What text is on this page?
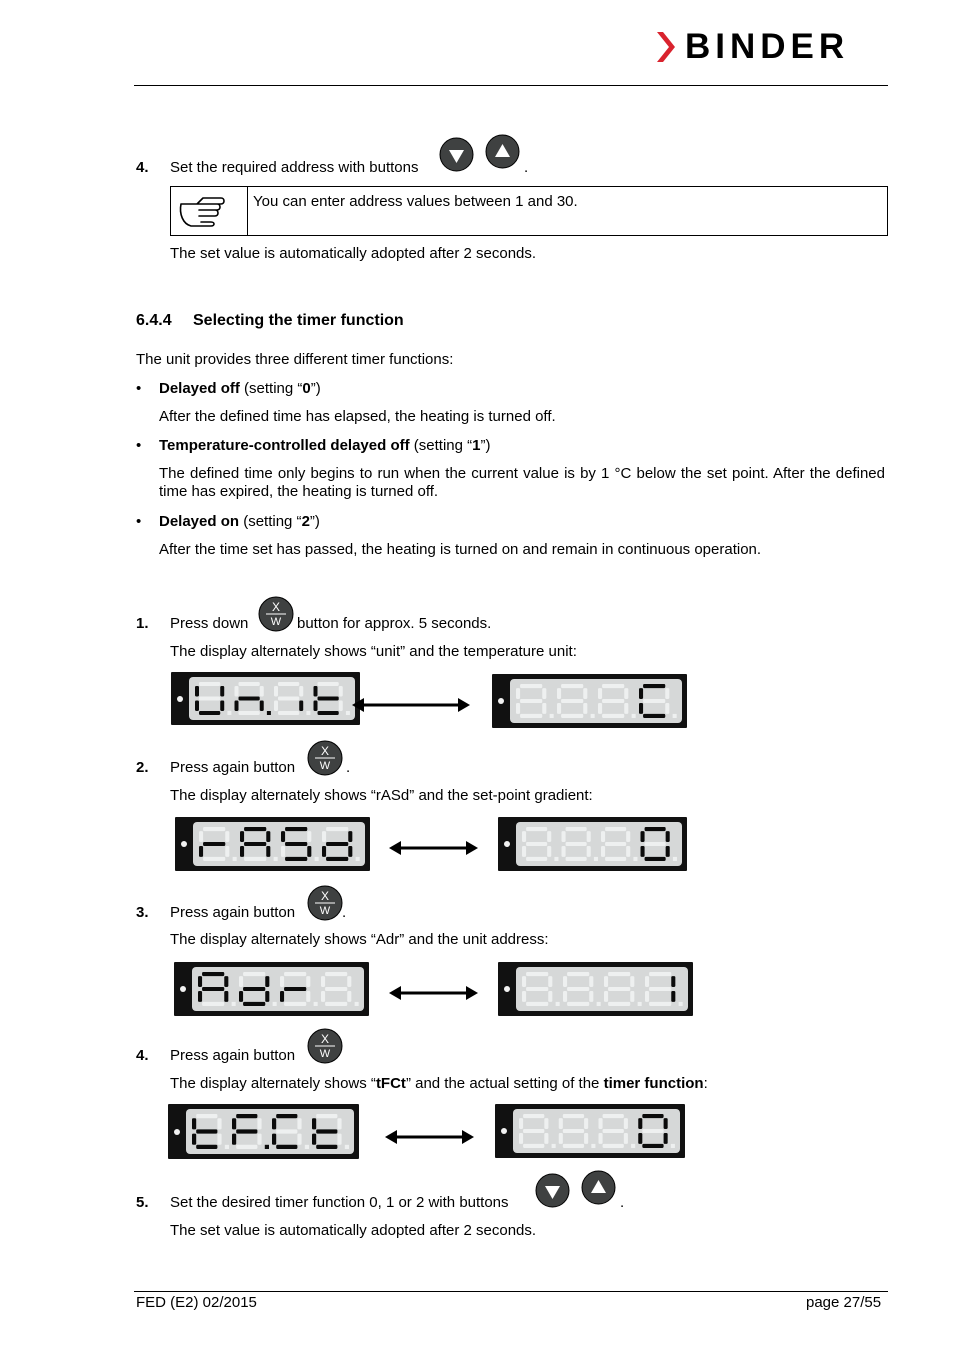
BINDER
4. Set the required address with buttons	.
You can enter address values between 1 and 30.
The set value is automatically adopted after 2 seconds.
6.4.4 Selecting the timer function
The unit provides three different timer functions:
• Delayed off (setting “0”)
After the defined time has elapsed, the heating is turned off.
• Temperature-controlled delayed off (setting “1”)
The defined time only begins to run when the current value is by 1 °C below the set point. After the defined time has expired, the heating is turned off.
• Delayed on (setting “2”)
After the time set has passed, the heating is turned on and remain in continuous operation.
1. Press down
X
W button for approx. 5 seconds.
The display alternately shows “unit” and the temperature unit:
2. Press again button
X
W .
The display alternately shows “rASd” and the set-point gradient:
3. Press again button
X
W .
The display alternately shows “Adr” and the unit address:
4. Press again button
X
W
The display alternately shows “tFCt” and the actual setting of the timer function:
5. Set the desired timer function 0, 1 or 2 with buttons	.
The set value is automatically adopted after 2 seconds.
FED (E2) 02/2015	page 27/55
